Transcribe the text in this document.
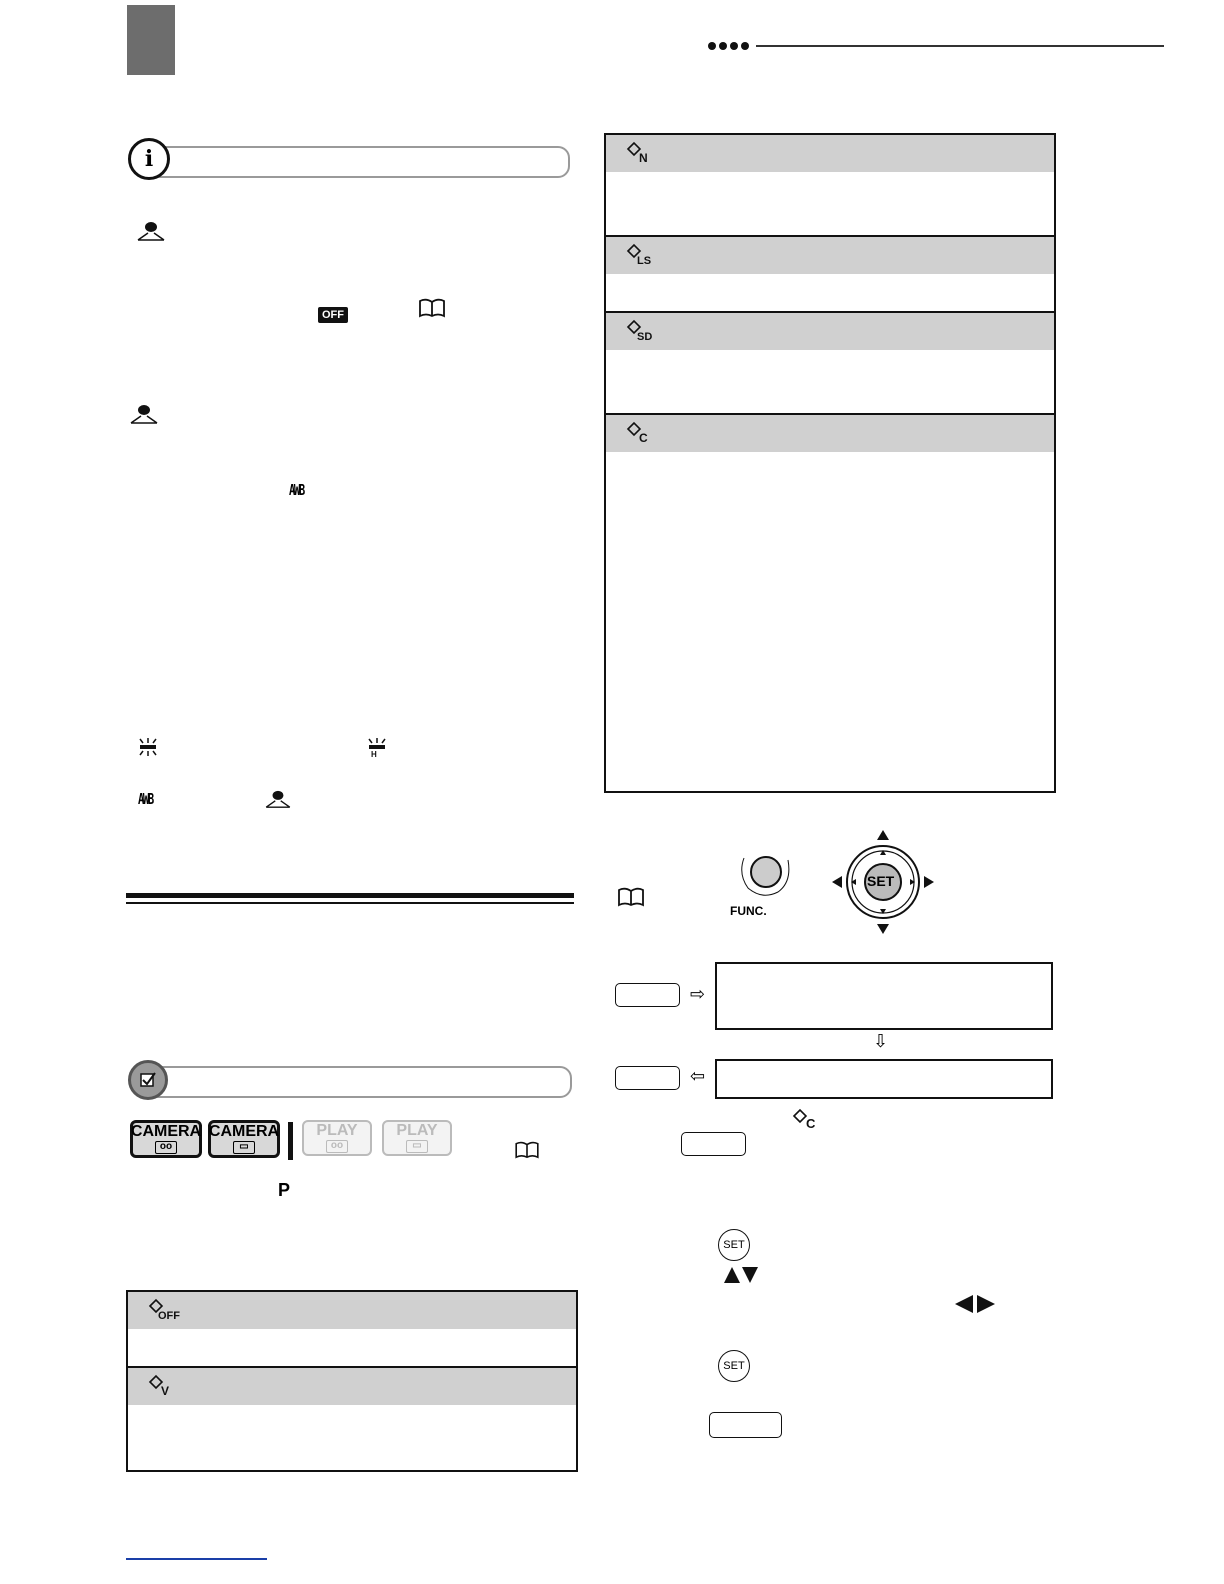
i
OFF
AWB
H
AWB
CAMERA
oo
CAMERA
▭
PLAY
oo
PLAY
▭
P
OFF
V
N
LS
SD
C
FUNC.
SET
⇨
⇩
⇦
C
SET
SET
